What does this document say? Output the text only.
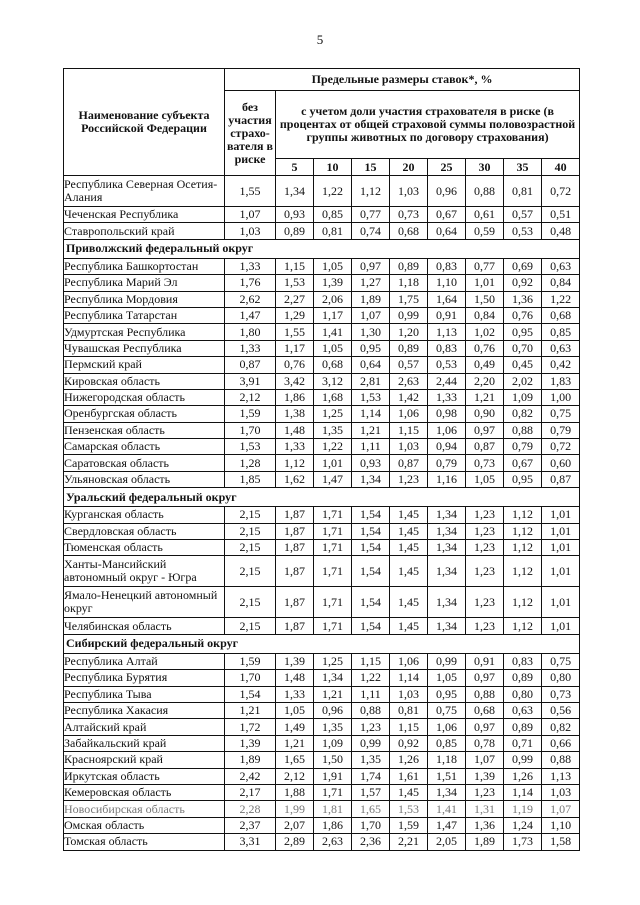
5
Наименование субъекта Российской Федерации	Предельные размеры ставок*, %								
	без участия страхо-вателя в риске	с учетом доли участия страхователя в риске (в процентах от общей страховой суммы половозрастной группы животных по договору страхования)							
		5	10	15	20	25	30	35	40
Республика Северная Осетия-Алания	1,55	1,34	1,22	1,12	1,03	0,96	0,88	0,81	0,72
Чеченская Республика	1,07	0,93	0,85	0,77	0,73	0,67	0,61	0,57	0,51
Ставропольский край	1,03	0,89	0,81	0,74	0,68	0,64	0,59	0,53	0,48
Приволжский федеральный округ									
Республика Башкортостан	1,33	1,15	1,05	0,97	0,89	0,83	0,77	0,69	0,63
Республика Марий Эл	1,76	1,53	1,39	1,27	1,18	1,10	1,01	0,92	0,84
Республика Мордовия	2,62	2,27	2,06	1,89	1,75	1,64	1,50	1,36	1,22
Республика Татарстан	1,47	1,29	1,17	1,07	0,99	0,91	0,84	0,76	0,68
Удмуртская Республика	1,80	1,55	1,41	1,30	1,20	1,13	1,02	0,95	0,85
Чувашская Республика	1,33	1,17	1,05	0,95	0,89	0,83	0,76	0,70	0,63
Пермский край	0,87	0,76	0,68	0,64	0,57	0,53	0,49	0,45	0,42
Кировская область	3,91	3,42	3,12	2,81	2,63	2,44	2,20	2,02	1,83
Нижегородская область	2,12	1,86	1,68	1,53	1,42	1,33	1,21	1,09	1,00
Оренбургская область	1,59	1,38	1,25	1,14	1,06	0,98	0,90	0,82	0,75
Пензенская область	1,70	1,48	1,35	1,21	1,15	1,06	0,97	0,88	0,79
Самарская область	1,53	1,33	1,22	1,11	1,03	0,94	0,87	0,79	0,72
Саратовская область	1,28	1,12	1,01	0,93	0,87	0,79	0,73	0,67	0,60
Ульяновская область	1,85	1,62	1,47	1,34	1,23	1,16	1,05	0,95	0,87
Уральский федеральный округ									
Курганская область	2,15	1,87	1,71	1,54	1,45	1,34	1,23	1,12	1,01
Свердловская область	2,15	1,87	1,71	1,54	1,45	1,34	1,23	1,12	1,01
Тюменская область	2,15	1,87	1,71	1,54	1,45	1,34	1,23	1,12	1,01
Ханты-Мансийский автономный округ - Югра	2,15	1,87	1,71	1,54	1,45	1,34	1,23	1,12	1,01
Ямало-Ненецкий автономный округ	2,15	1,87	1,71	1,54	1,45	1,34	1,23	1,12	1,01
Челябинская область	2,15	1,87	1,71	1,54	1,45	1,34	1,23	1,12	1,01
Сибирский федеральный округ									
Республика Алтай	1,59	1,39	1,25	1,15	1,06	0,99	0,91	0,83	0,75
Республика Бурятия	1,70	1,48	1,34	1,22	1,14	1,05	0,97	0,89	0,80
Республика Тыва	1,54	1,33	1,21	1,11	1,03	0,95	0,88	0,80	0,73
Республика Хакасия	1,21	1,05	0,96	0,88	0,81	0,75	0,68	0,63	0,56
Алтайский край	1,72	1,49	1,35	1,23	1,15	1,06	0,97	0,89	0,82
Забайкальский край	1,39	1,21	1,09	0,99	0,92	0,85	0,78	0,71	0,66
Красноярский край	1,89	1,65	1,50	1,35	1,26	1,18	1,07	0,99	0,88
Иркутская область	2,42	2,12	1,91	1,74	1,61	1,51	1,39	1,26	1,13
Кемеровская область	2,17	1,88	1,71	1,57	1,45	1,34	1,23	1,14	1,03
Новосибирская область	2,28	1,99	1,81	1,65	1,53	1,41	1,31	1,19	1,07
Омская область	2,37	2,07	1,86	1,70	1,59	1,47	1,36	1,24	1,10
Томская область	3,31	2,89	2,63	2,36	2,21	2,05	1,89	1,73	1,58
